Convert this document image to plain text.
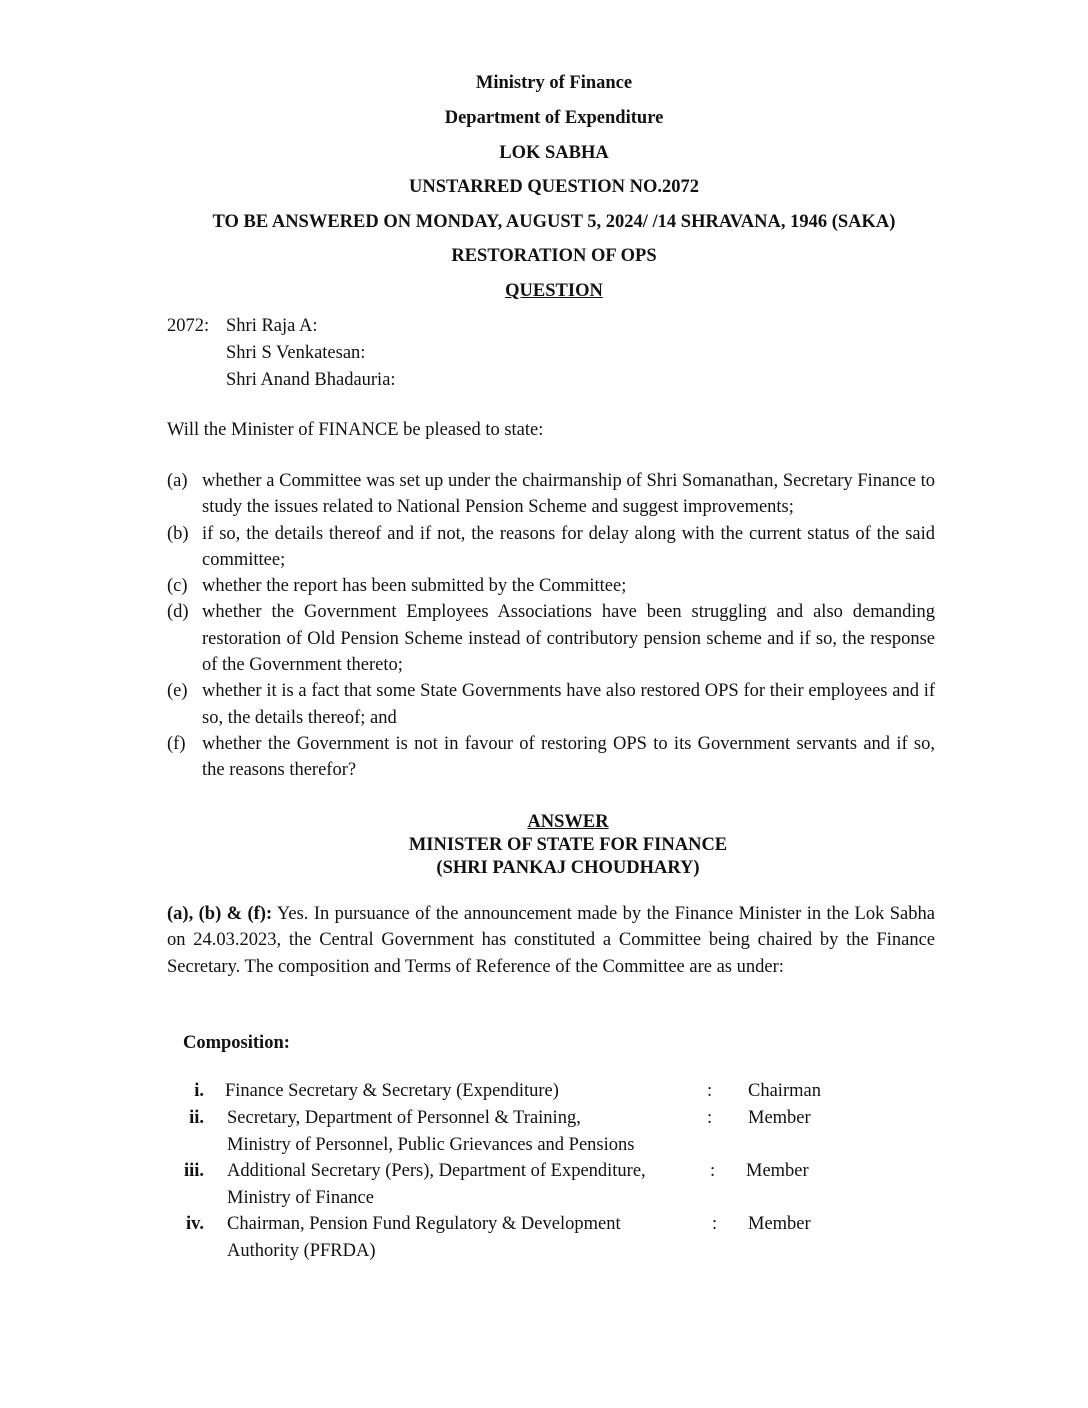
Ministry of Finance
Department of Expenditure
LOK SABHA
UNSTARRED QUESTION NO.2072
TO BE ANSWERED ON MONDAY, AUGUST 5, 2024/ /14 SHRAVANA, 1946 (SAKA)
RESTORATION OF OPS
QUESTION
2072: Shri Raja A:
Shri S Venkatesan:
Shri Anand Bhadauria:
Will the Minister of FINANCE be pleased to state:
(a) whether a Committee was set up under the chairmanship of Shri Somanathan, Secretary Finance to study the issues related to National Pension Scheme and suggest improvements;
(b) if so, the details thereof and if not, the reasons for delay along with the current status of the said committee;
(c) whether the report has been submitted by the Committee;
(d) whether the Government Employees Associations have been struggling and also demanding restoration of Old Pension Scheme instead of contributory pension scheme and if so, the response of the Government thereto;
(e) whether it is a fact that some State Governments have also restored OPS for their employees and if so, the details thereof; and
(f) whether the Government is not in favour of restoring OPS to its Government servants and if so, the reasons therefor?
ANSWER
MINISTER OF STATE FOR FINANCE
(SHRI PANKAJ CHOUDHARY)
(a), (b) & (f): Yes. In pursuance of the announcement made by the Finance Minister in the Lok Sabha on 24.03.2023, the Central Government has constituted a Committee being chaired by the Finance Secretary. The composition and Terms of Reference of the Committee are as under:
Composition:
i. Finance Secretary & Secretary (Expenditure)	: Chairman
ii. Secretary, Department of Personnel & Training,
Ministry of Personnel, Public Grievances and Pensions
: Member
iii. Additional Secretary (Pers), Department of Expenditure,
Ministry of Finance
: Member
iv. Chairman, Pension Fund Regulatory & Development
Authority (PFRDA)
: Member
